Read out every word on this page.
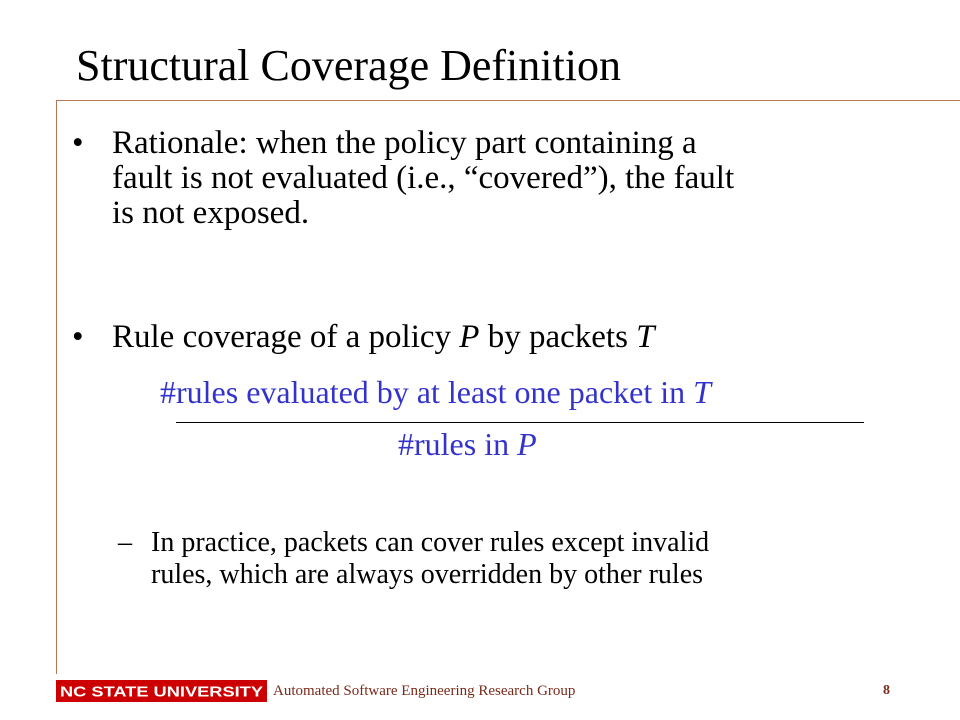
Structural Coverage Definition
• Rationale: when the policy part containing a
fault is not evaluated (i.e., “covered”), the fault
is not exposed.
• Rule coverage of a policy P by packets T
#rules evaluated by at least one packet in T
#rules in P
– In practice, packets can cover rules except invalid
rules, which are always overridden by other rules
NC STATE UNIVERSITY Automated Software Engineering Research Group	8
